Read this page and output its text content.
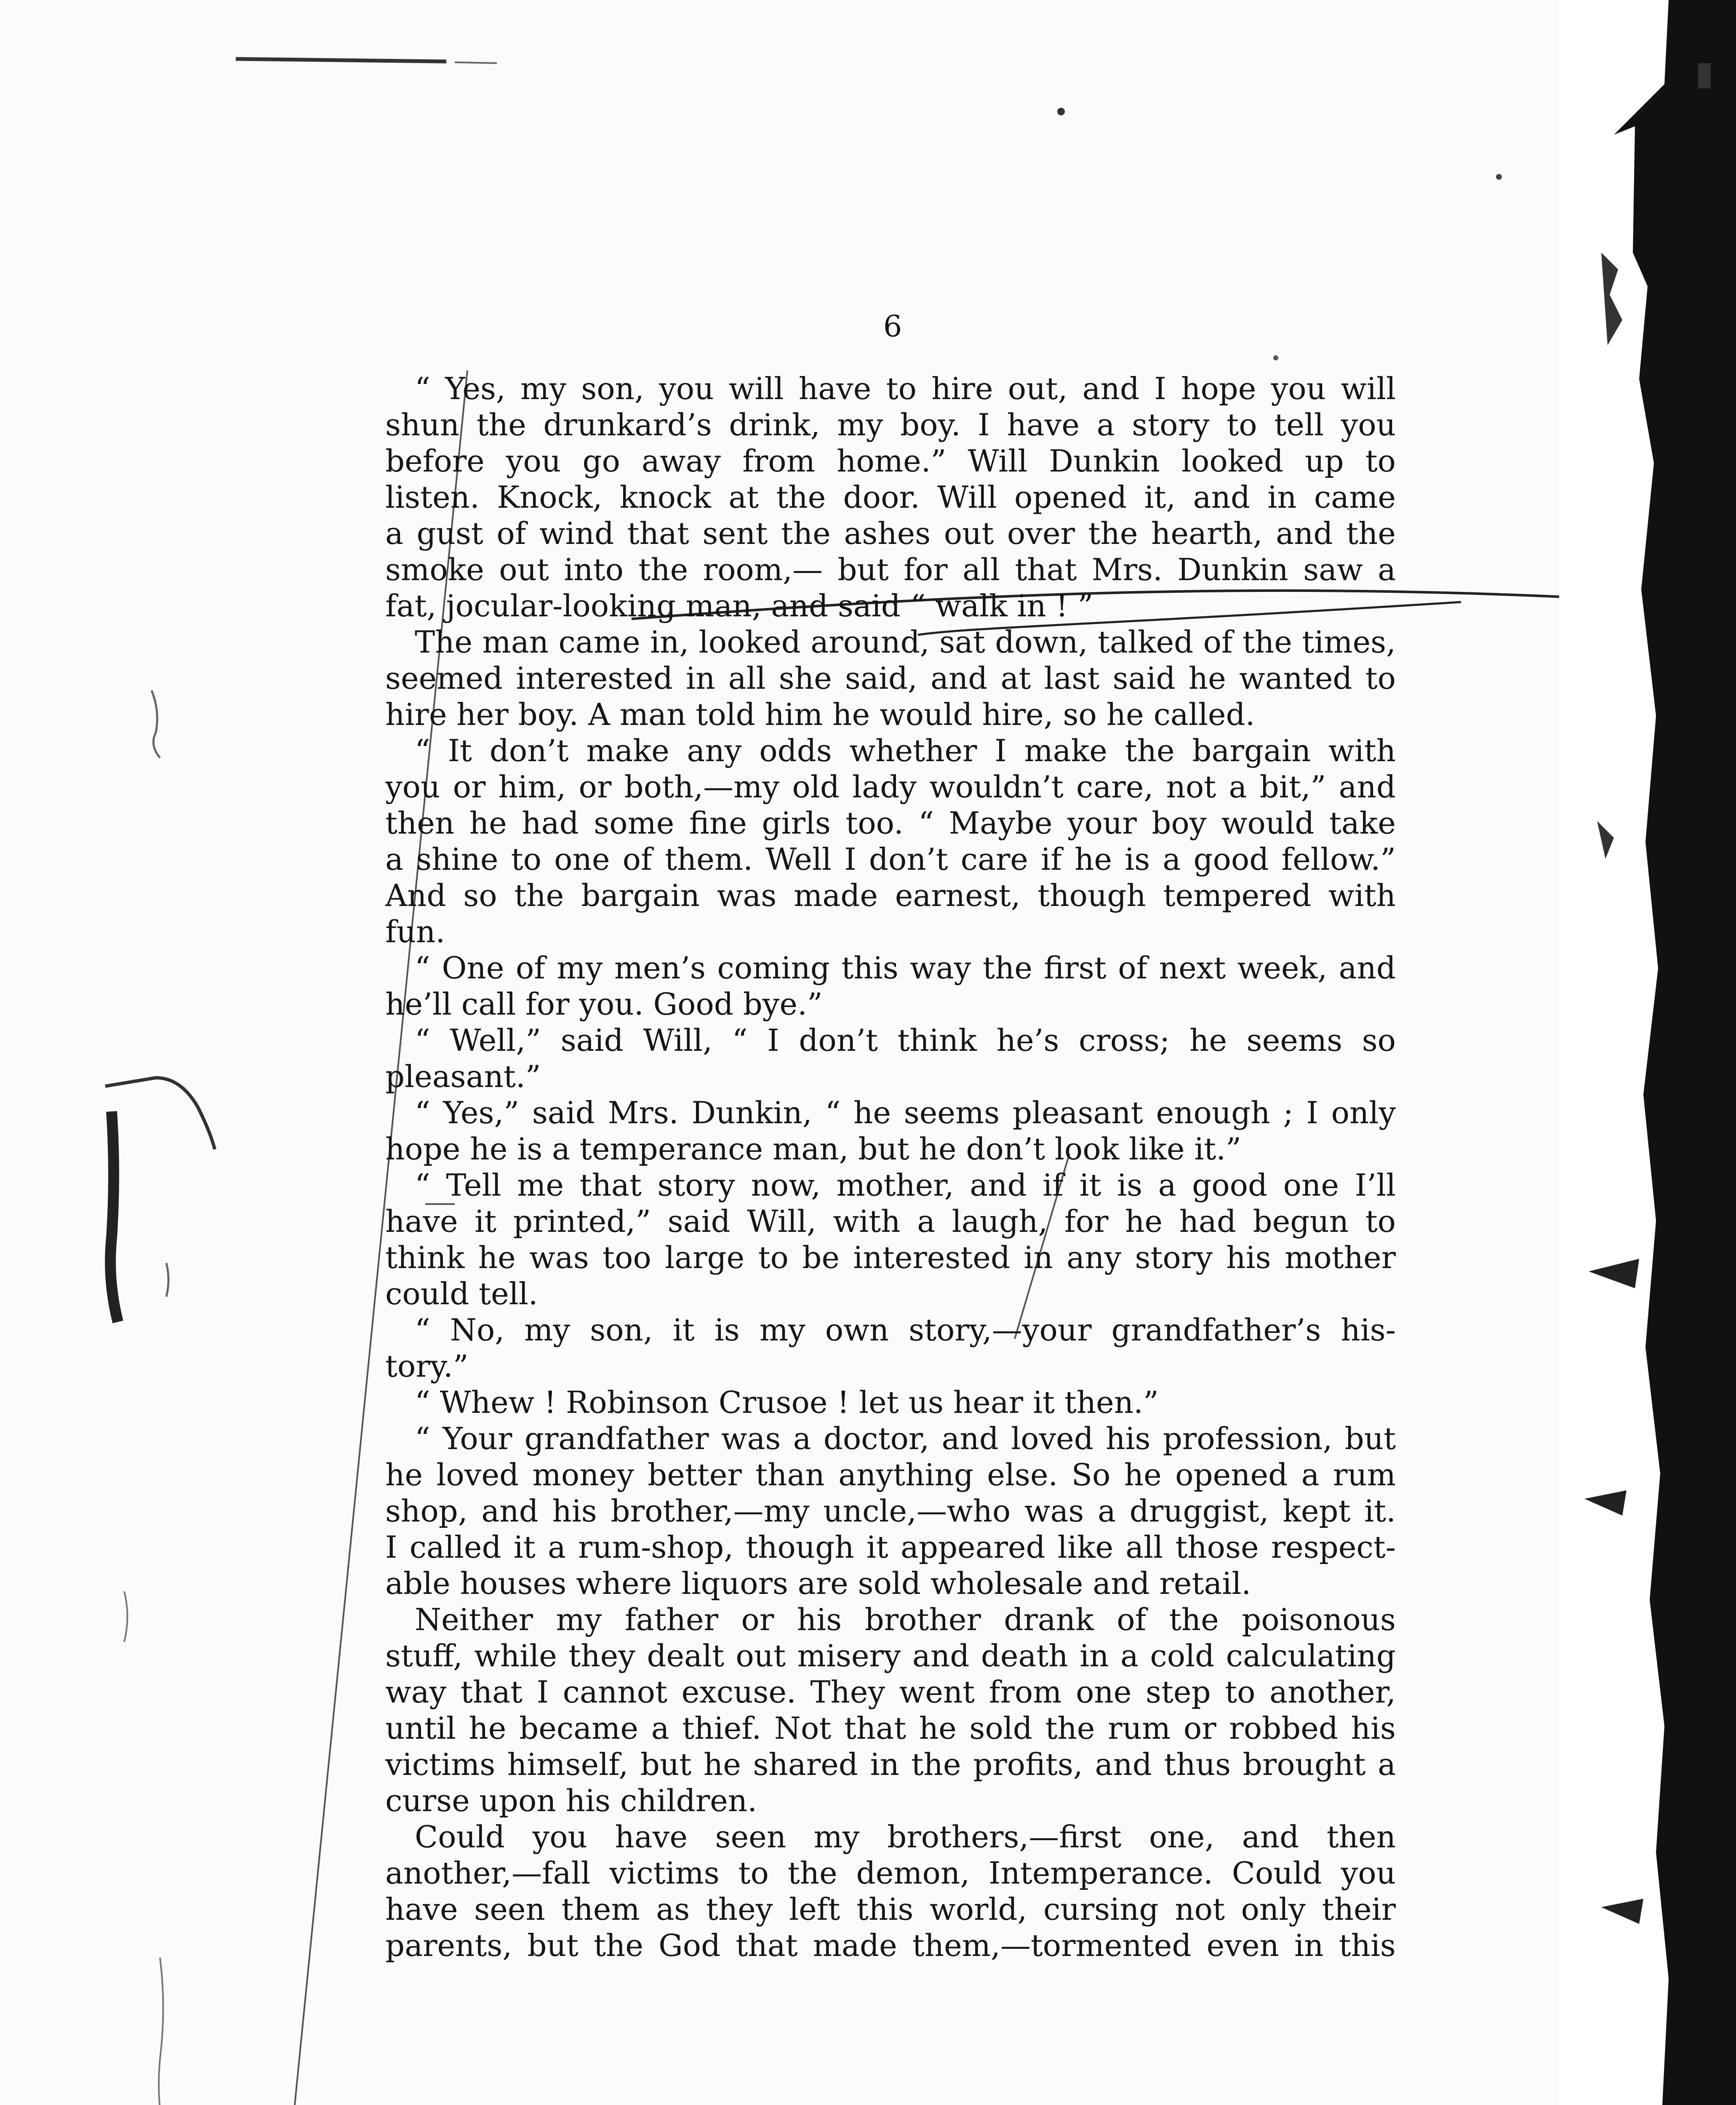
6
“ Yes, my son, you will have to hire out, and I hope you will
shun the drunkard’s drink, my boy. I have a story to tell you
before you go away from home.” Will Dunkin looked up to
listen. Knock, knock at the door. Will opened it, and in came
a gust of wind that sent the ashes out over the hearth, and the
smoke out into the room,— but for all that Mrs. Dunkin saw a
fat, jocular-looking man, and said “ walk in ! ”
The man came in, looked around, sat down, talked of the times,
seemed interested in all she said, and at last said he wanted to
hire her boy. A man told him he would hire, so he called.
“ It don’t make any odds whether I make the bargain with
you or him, or both,—my old lady wouldn’t care, not a bit,” and
then he had some fine girls too. “ Maybe your boy would take
a shine to one of them. Well I don’t care if he is a good fellow.”
And so the bargain was made earnest, though tempered with
fun.
“ One of my men’s coming this way the first of next week, and
he’ll call for you. Good bye.”
“ Well,” said Will, “ I don’t think he’s cross; he seems so
pleasant.”
“ Yes,” said Mrs. Dunkin, “ he seems pleasant enough ; I only
hope he is a temperance man, but he don’t look like it.”
“ Tell me that story now, mother, and if it is a good one I’ll
have it printed,” said Will, with a laugh, for he had begun to
think he was too large to be interested in any story his mother
could tell.
“ No, my son, it is my own story,—your grandfather’s his-
tory.”
“ Whew ! Robinson Crusoe ! let us hear it then.”
“ Your grandfather was a doctor, and loved his profession, but
he loved money better than anything else. So he opened a rum
shop, and his brother,—my uncle,—who was a druggist, kept it.
I called it a rum-shop, though it appeared like all those respect-
able houses where liquors are sold wholesale and retail.
Neither my father or his brother drank of the poisonous
stuff, while they dealt out misery and death in a cold calculating
way that I cannot excuse. They went from one step to another,
until he became a thief. Not that he sold the rum or robbed his
victims himself, but he shared in the profits, and thus brought a
curse upon his children.
Could you have seen my brothers,—first one, and then
another,—fall victims to the demon, Intemperance. Could you
have seen them as they left this world, cursing not only their
parents, but the God that made them,—tormented even in this
